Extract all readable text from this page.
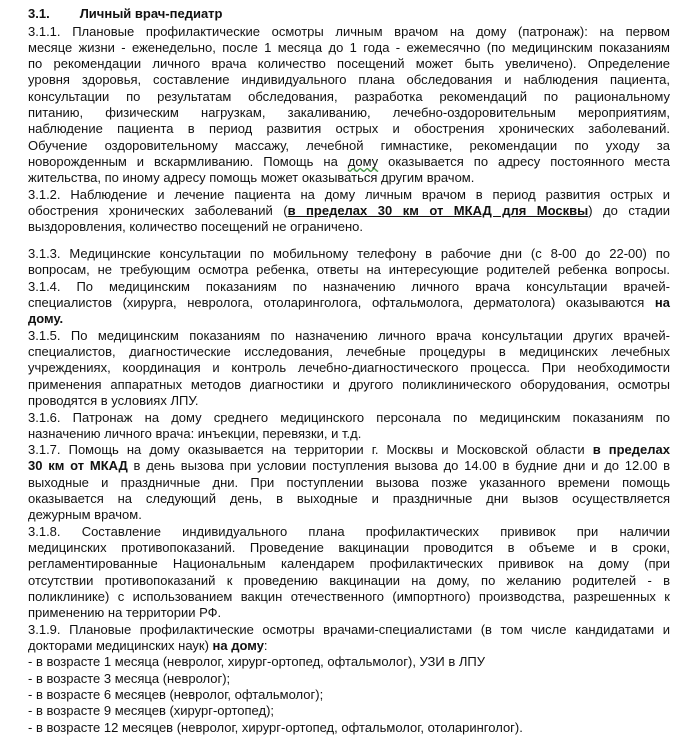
3.1. Личный врач-педиатр
3.1.1. Плановые профилактические осмотры личным врачом на дому (патронаж): на первом
месяце жизни - еженедельно, после 1 месяца до 1 года - ежемесячно (по медицинским показаниям
по рекомендации личного врача количество посещений может быть увеличено). Определение
уровня здоровья, составление индивидуального плана обследования и наблюдения пациента,
консультации по результатам обследования, разработка рекомендаций по рациональному
питанию, физическим нагрузкам, закаливанию, лечебно-оздоровительным мероприятиям,
наблюдение пациента в период развития острых и обострения хронических заболеваний.
Обучение оздоровительному массажу, лечебной гимнастике, рекомендации по уходу за
новорожденным и вскармливанию. Помощь на дому оказывается по адресу постоянного места
жительства, по иному адресу помощь может оказываться другим врачом.
3.1.2. Наблюдение и лечение пациента на дому личным врачом в период развития острых и
обострения хронических заболеваний (в пределах 30 км от МКАД для Москвы) до стадии
выздоровления, количество посещений не ограничено.
3.1.3. Медицинские консультации по мобильному телефону в рабочие дни (с 8-00 до 22-00) по
вопросам, не требующим осмотра ребенка, ответы на интересующие родителей ребенка вопросы.
3.1.4. По медицинским показаниям по назначению личного врача консультации врачей-
специалистов (хирурга, невролога, отоларинголога, офтальмолога, дерматолога) оказываются на
дому.
3.1.5. По медицинским показаниям по назначению личного врача консультации других врачей-
специалистов, диагностические исследования, лечебные процедуры в медицинских лечебных
учреждениях, координация и контроль лечебно-диагностического процесса. При необходимости
применения аппаратных методов диагностики и другого поликлинического оборудования, осмотры
проводятся в условиях ЛПУ.
3.1.6. Патронаж на дому среднего медицинского персонала по медицинским показаниям по
назначению личного врача: инъекции, перевязки, и т.д.
3.1.7. Помощь на дому оказывается на территории г. Москвы и Московской области в пределах
30 км от МКАД в день вызова при условии поступления вызова до 14.00 в будние дни и до 12.00 в
выходные и праздничные дни. При поступлении вызова позже указанного времени помощь
оказывается на следующий день, в выходные и праздничные дни вызов осуществляется
дежурным врачом.
3.1.8. Составление индивидуального плана профилактических прививок при наличии
медицинских противопоказаний. Проведение вакцинации проводится в объеме и в сроки,
регламентированные Национальным календарем профилактических прививок на дому (при
отсутствии противопоказаний к проведению вакцинации на дому, по желанию родителей - в
поликлинике) с использованием вакцин отечественного (импортного) производства, разрешенных к
применению на территории РФ.
3.1.9. Плановые профилактические осмотры врачами-специалистами (в том числе кандидатами и
докторами медицинских наук) на дому:
- в возрасте 1 месяца (невролог, хирург-ортопед, офтальмолог), УЗИ в ЛПУ
- в возрасте 3 месяца (невролог);
- в возрасте 6 месяцев (невролог, офтальмолог);
- в возрасте 9 месяцев (хирург-ортопед);
- в возрасте 12 месяцев (невролог, хирург-ортопед, офтальмолог, отоларинголог).
